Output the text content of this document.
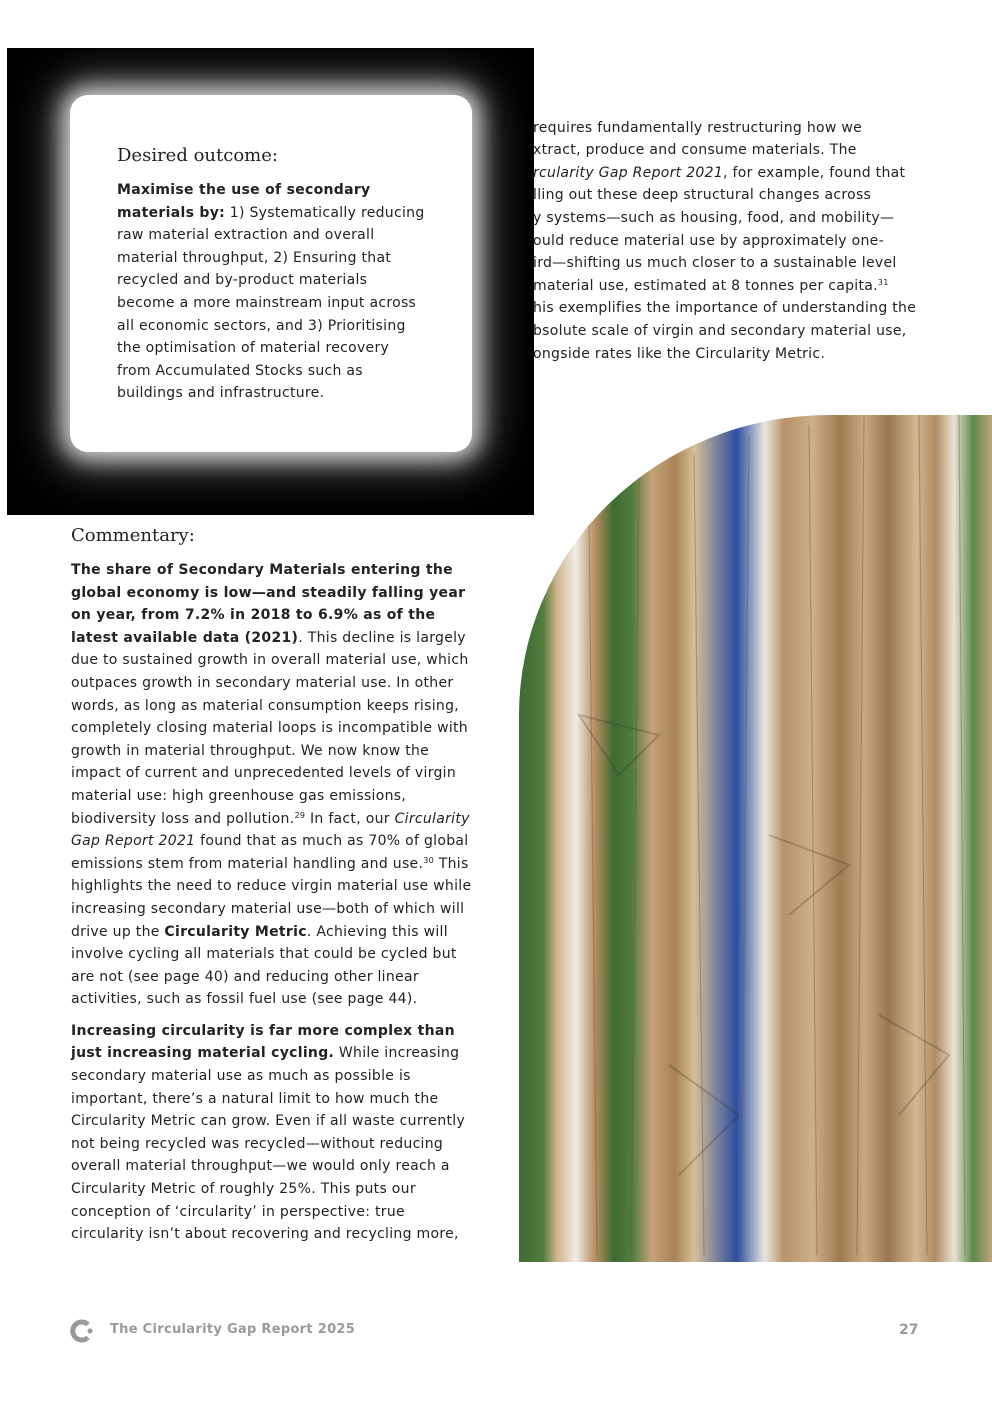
Desired outcome:

Maximise the use of secondary materials by: 1) Systematically reducing raw material extraction and overall material throughput, 2) Ensuring that recycled and by-product materials become a more mainstream input across all economic sectors, and 3) Prioritising the optimisation of material recovery from Accumulated Stocks such as buildings and infrastructure.

requires fundamentally restructuring how we
xtract, produce and consume materials. The
rcularity Gap Report 2021, for example, found that
lling out these deep structural changes across
y systems—such as housing, food, and mobility—
ould reduce material use by approximately one-
ird—shifting us much closer to a sustainable level
material use, estimated at 8 tonnes per capita.$^{31}$
his exemplifies the importance of understanding the
bsolute scale of virgin and secondary material use,
ongside rates like the Circularity Metric.

Commentary:

The share of Secondary Materials entering the global economy is low—and steadily falling year on year, from 7.2% in 2018 to 6.9% as of the latest available data (2021). This decline is largely due to sustained growth in overall material use, which outpaces growth in secondary material use. In other words, as long as material consumption keeps rising, completely closing material loops is incompatible with growth in material throughput. We now know the impact of current and unprecedented levels of virgin material use: high greenhouse gas emissions, biodiversity loss and pollution.$^{29}$ In fact, our Circularity Gap Report 2021 found that as much as 70% of global emissions stem from material handling and use.$^{30}$ This highlights the need to reduce virgin material use while increasing secondary material use—both of which will drive up the Circularity Metric. Achieving this will involve cycling all materials that could be cycled but are not (see page 40) and reducing other linear activities, such as fossil fuel use (see page 44).

Increasing circularity is far more complex than just increasing material cycling. While increasing secondary material use as much as possible is important, there’s a natural limit to how much the Circularity Metric can grow. Even if all waste currently not being recycled was recycled—without reducing overall material throughput—we would only reach a Circularity Metric of roughly 25%. This puts our conception of ‘circularity’ in perspective: true circularity isn’t about recovering and recycling more,

The Circularity Gap Report 2025	27
